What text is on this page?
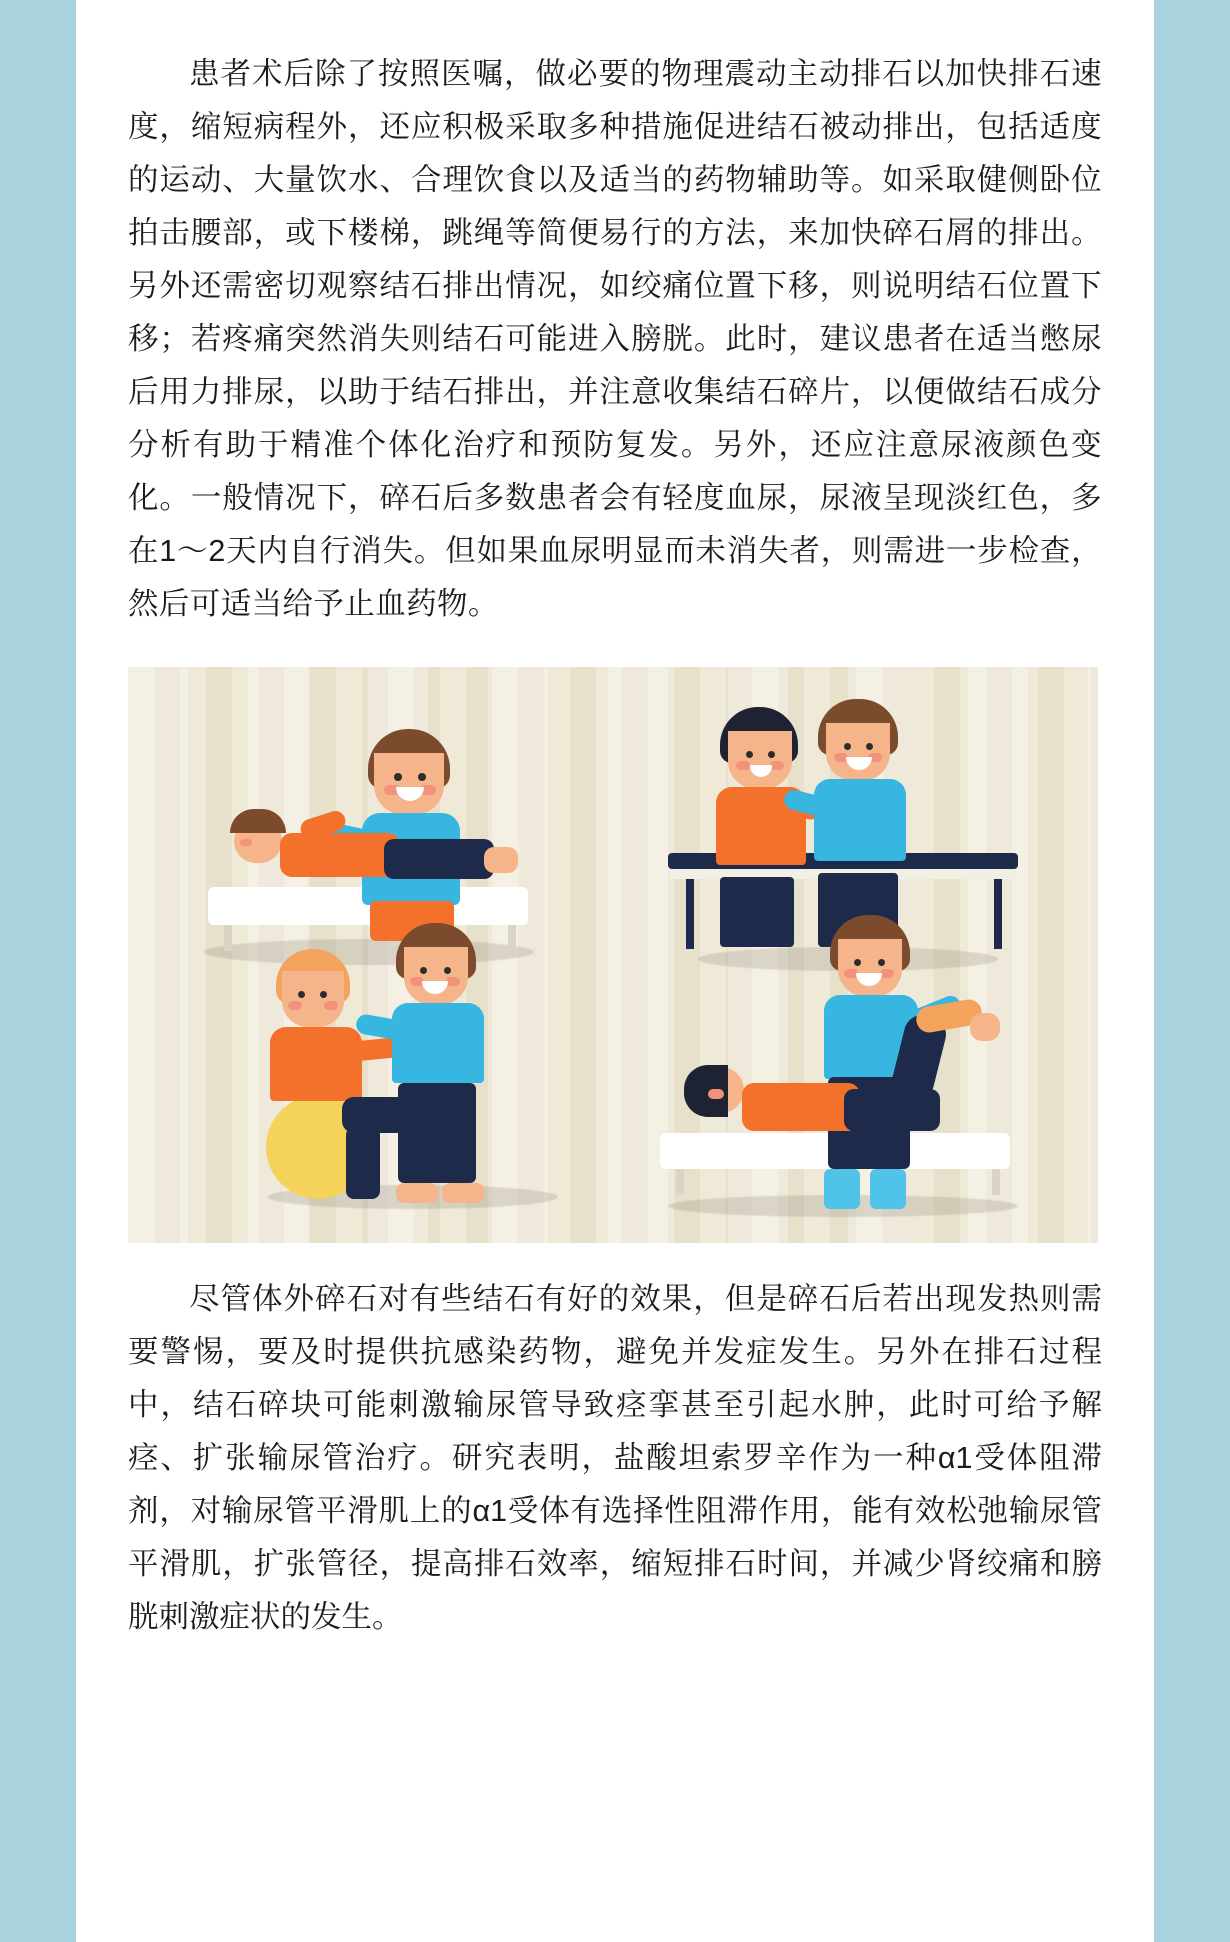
患者术后除了按照医嘱，做必要的物理震动主动排石以加快排石速度，缩短病程外，还应积极采取多种措施促进结石被动排出，包括适度的运动、大量饮水、合理饮食以及适当的药物辅助等。如采取健侧卧位拍击腰部，或下楼梯，跳绳等简便易行的方法，来加快碎石屑的排出。另外还需密切观察结石排出情况，如绞痛位置下移，则说明结石位置下移；若疼痛突然消失则结石可能进入膀胱。此时，建议患者在适当憋尿后用力排尿，以助于结石排出，并注意收集结石碎片，以便做结石成分分析有助于精准个体化治疗和预防复发。另外，还应注意尿液颜色变化。一般情况下，碎石后多数患者会有轻度血尿，尿液呈现淡红色，多在1～2天内自行消失。但如果血尿明显而未消失者，则需进一步检查，然后可适当给予止血药物。

尽管体外碎石对有些结石有好的效果，但是碎石后若出现发热则需要警惕，要及时提供抗感染药物，避免并发症发生。另外在排石过程中，结石碎块可能刺激输尿管导致痉挛甚至引起水肿，此时可给予解痉、扩张输尿管治疗。研究表明，盐酸坦索罗辛作为一种α1受体阻滞剂，对输尿管平滑肌上的α1受体有选择性阻滞作用，能有效松弛输尿管平滑肌，扩张管径，提高排石效率，缩短排石时间，并减少肾绞痛和膀胱刺激症状的发生。
